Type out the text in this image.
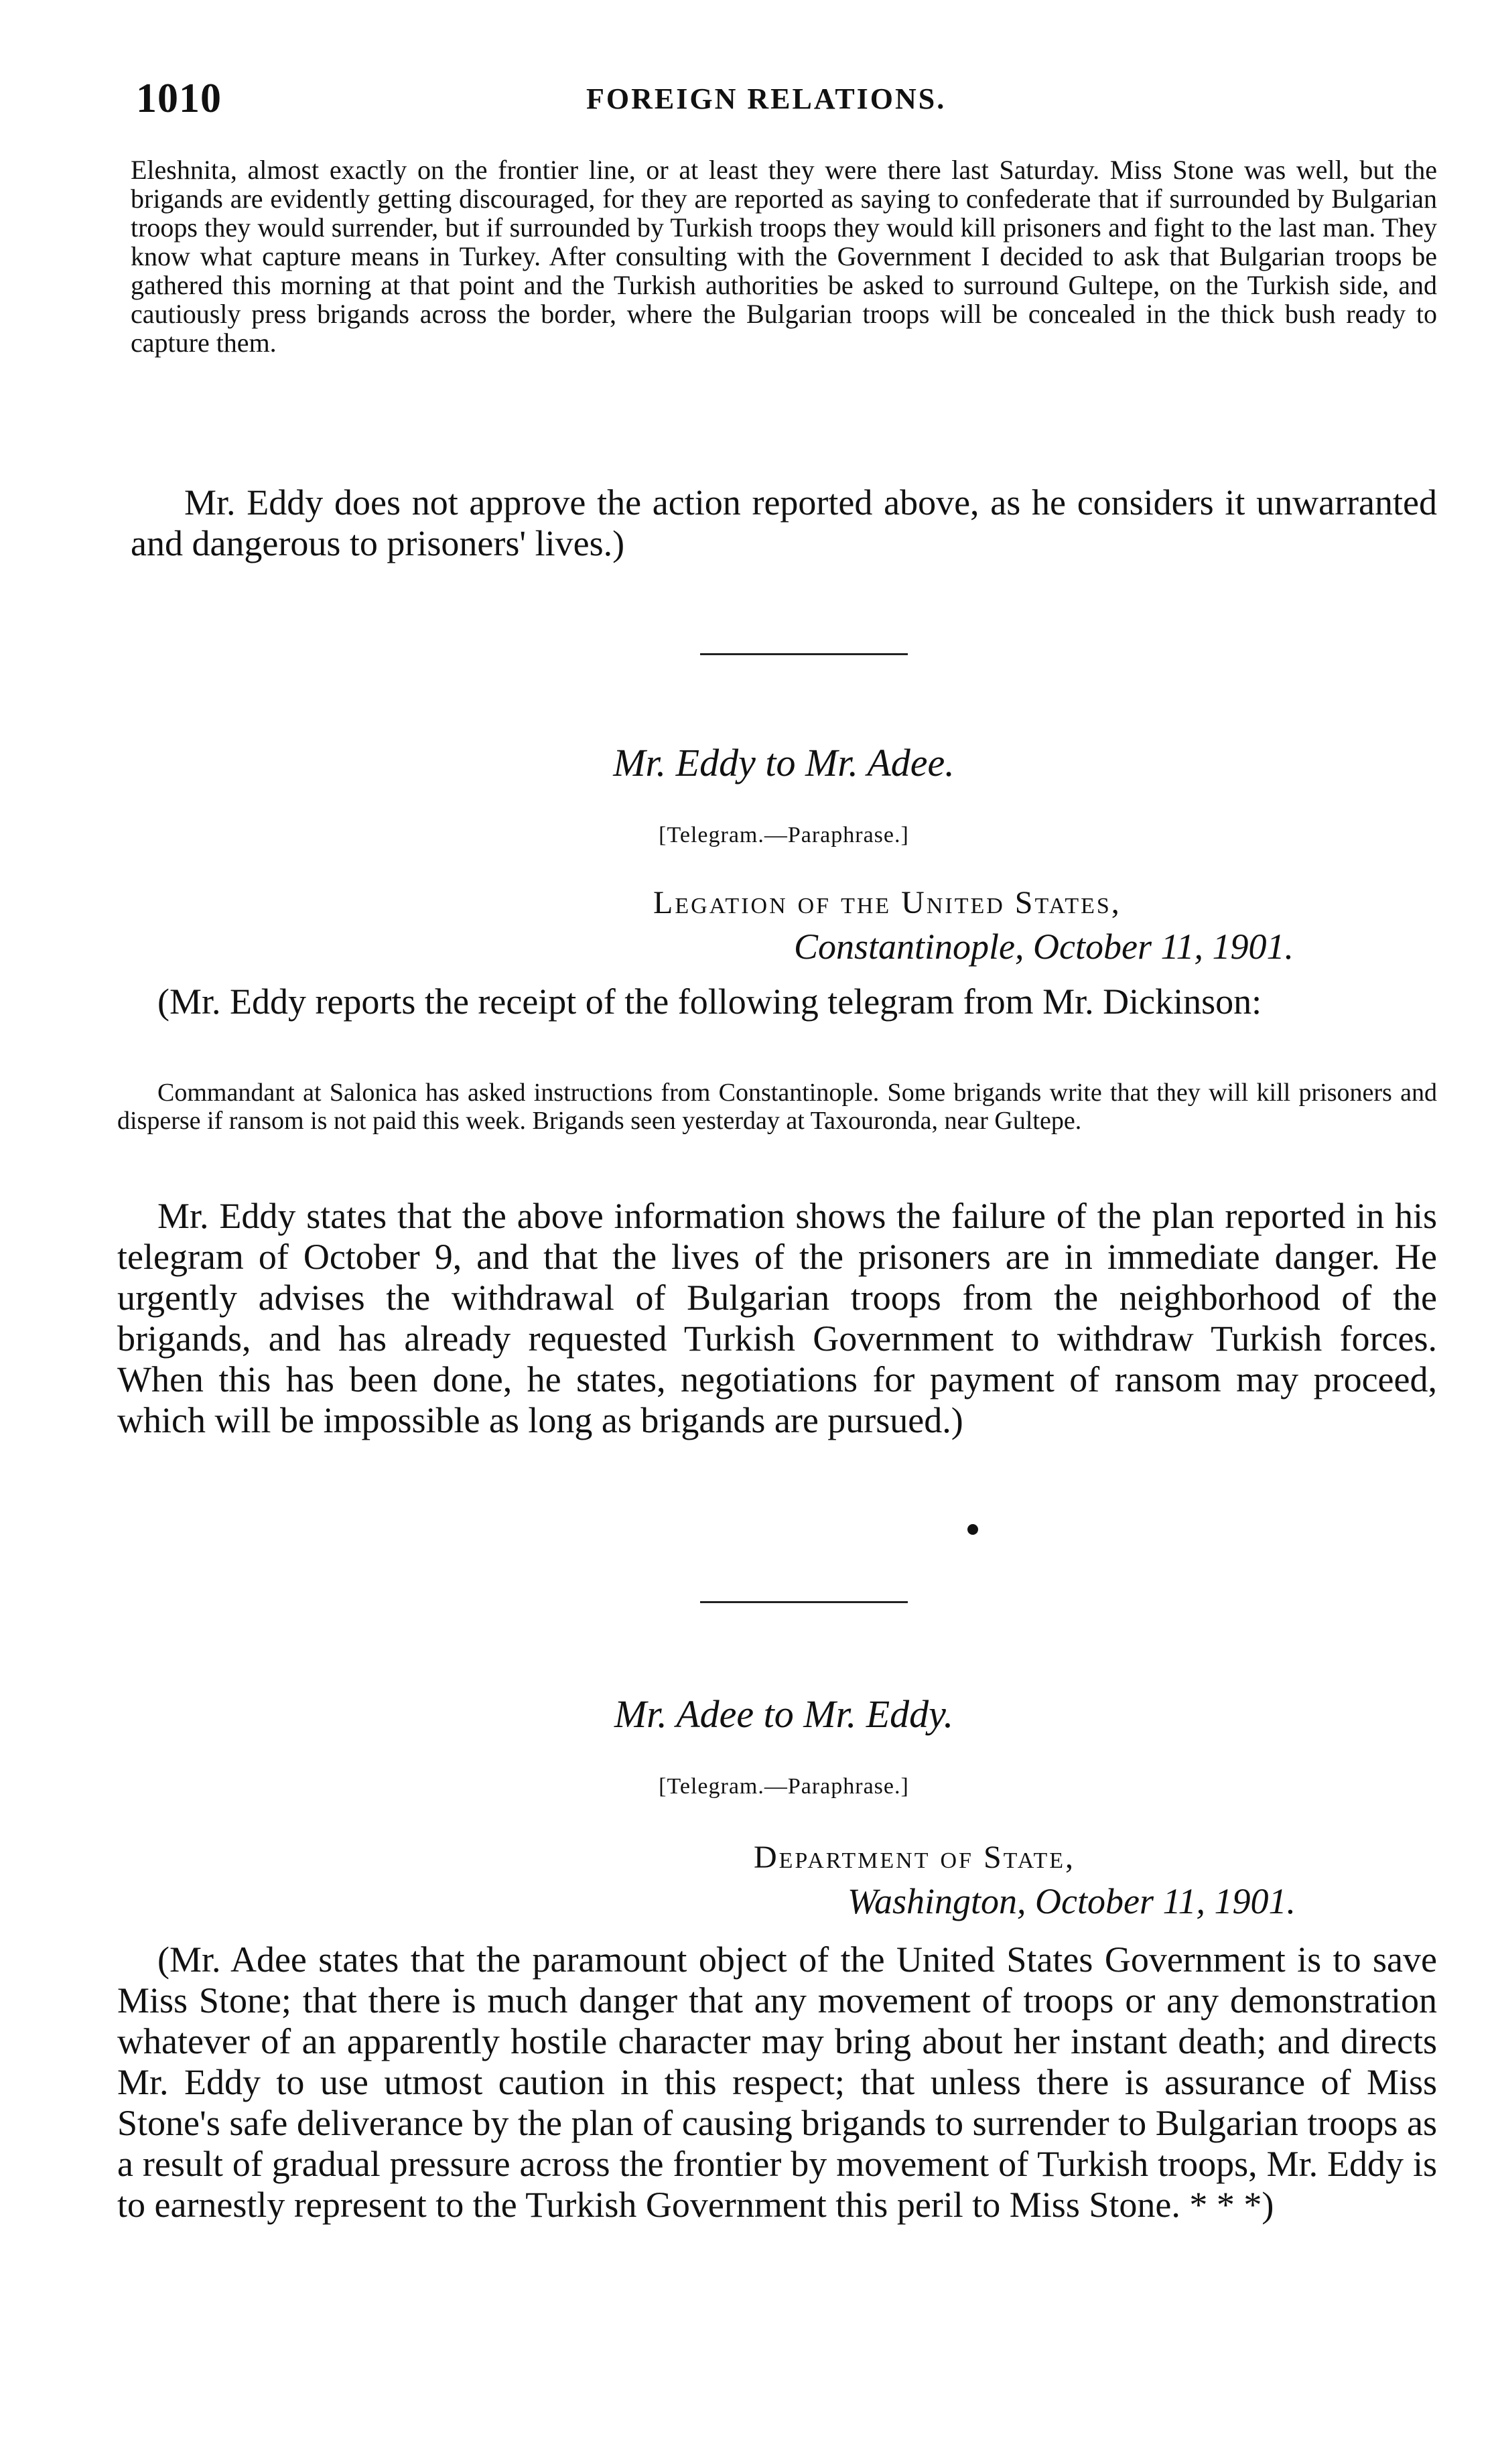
1010	FOREIGN RELATIONS.

Eleshnita, almost exactly on the frontier line, or at least they were there last Saturday. Miss Stone was well, but the brigands are evidently getting discouraged, for they are reported as saying to confederate that if surrounded by Bulgarian troops they would surrender, but if surrounded by Turkish troops they would kill prisoners and fight to the last man. They know what capture means in Turkey. After consulting with the Government I decided to ask that Bulgarian troops be gathered this morning at that point and the Turkish authorities be asked to surround Gultepe, on the Turkish side, and cautiously press brigands across the border, where the Bulgarian troops will be concealed in the thick bush ready to capture them.

Mr. Eddy does not approve the action reported above, as he considers it unwarranted and dangerous to prisoners' lives.)

Mr. Eddy to Mr. Adee.
[Telegram.—Paraphrase.]
Legation of the United States,
Constantinople, October 11, 1901.

(Mr. Eddy reports the receipt of the following telegram from Mr. Dickinson:

Commandant at Salonica has asked instructions from Constantinople. Some brigands write that they will kill prisoners and disperse if ransom is not paid this week. Brigands seen yesterday at Taxouronda, near Gultepe.

Mr. Eddy states that the above information shows the failure of the plan reported in his telegram of October 9, and that the lives of the prisoners are in immediate danger. He urgently advises the withdrawal of Bulgarian troops from the neighborhood of the brigands, and has already requested Turkish Government to withdraw Turkish forces. When this has been done, he states, negotiations for payment of ransom may proceed, which will be impossible as long as brigands are pursued.)

Mr. Adee to Mr. Eddy.
[Telegram.—Paraphrase.]
Department of State,
Washington, October 11, 1901.

(Mr. Adee states that the paramount object of the United States Government is to save Miss Stone; that there is much danger that any movement of troops or any demonstration whatever of an apparently hostile character may bring about her instant death; and directs Mr. Eddy to use utmost caution in this respect; that unless there is assurance of Miss Stone's safe deliverance by the plan of causing brigands to surrender to Bulgarian troops as a result of gradual pressure across the frontier by movement of Turkish troops, Mr. Eddy is to earnestly represent to the Turkish Government this peril to Miss Stone. * * *)
